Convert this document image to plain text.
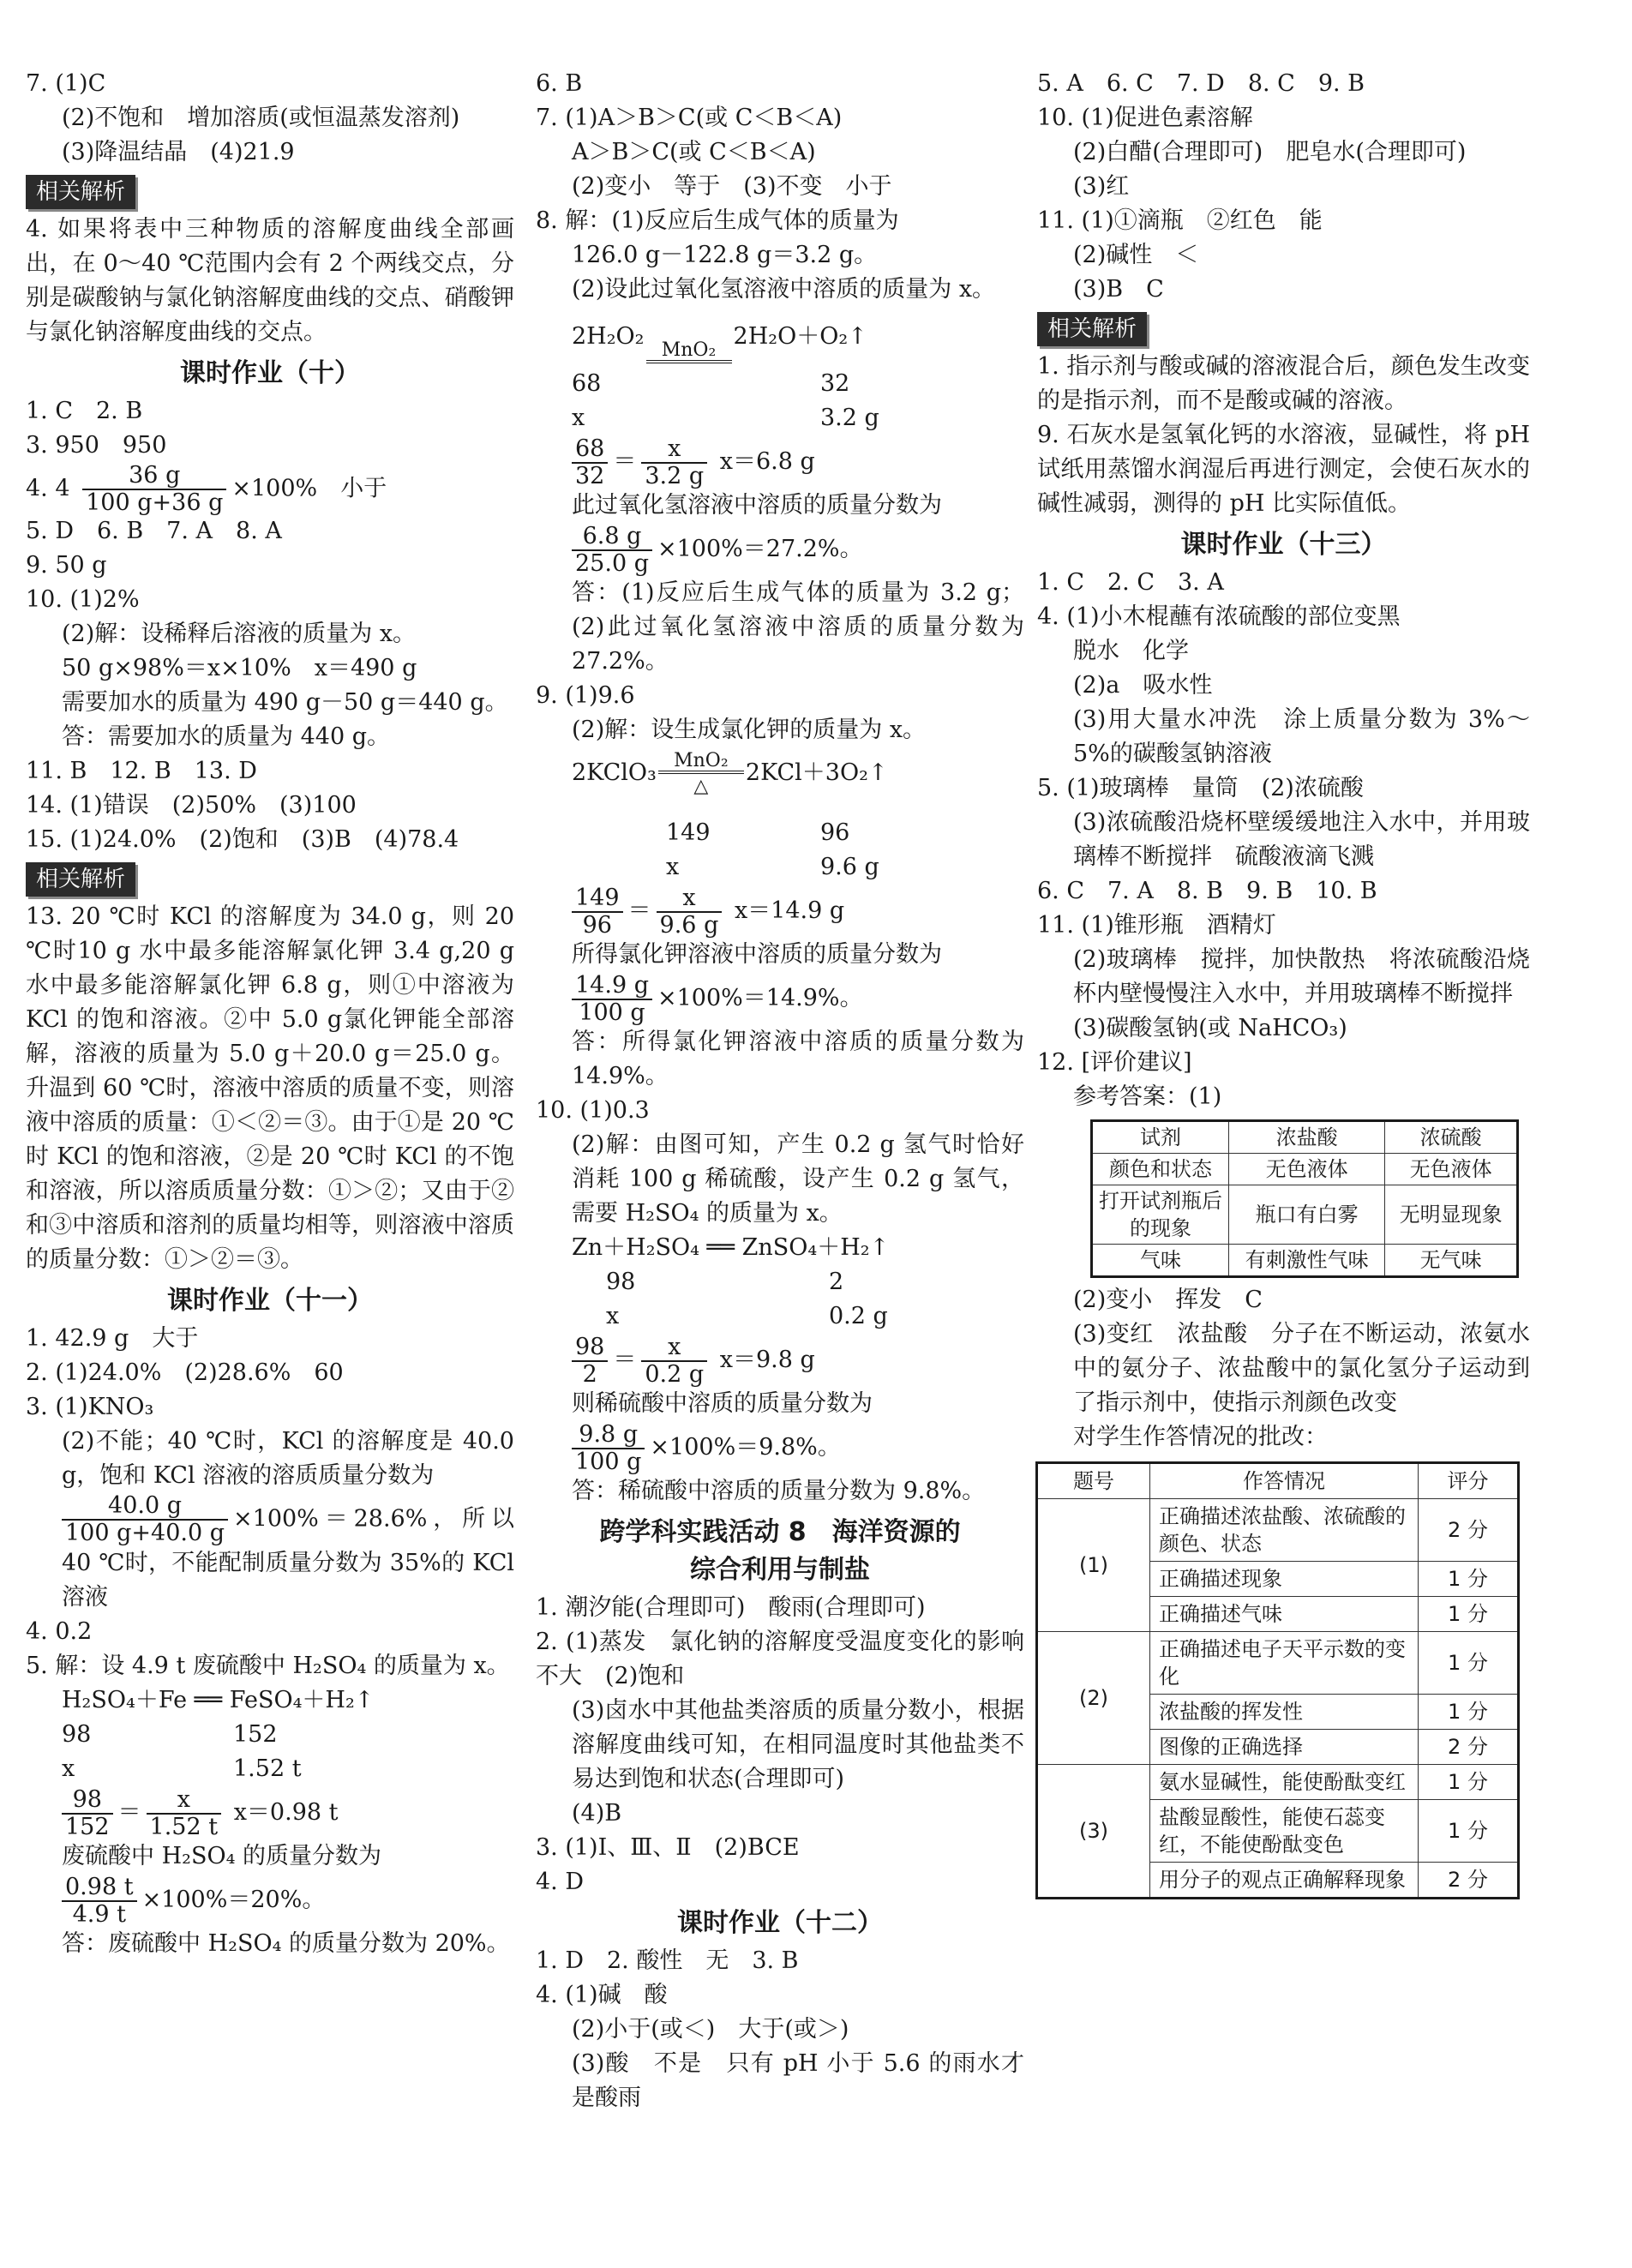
7. (1)C
(2)不饱和　增加溶质(或恒温蒸发溶剂)
(3)降温结晶　(4)21.9
相关解析
4. 如果将表中三种物质的溶解度曲线全部画出，在 0～40 ℃范围内会有 2 个两线交点，分别是碳酸钠与氯化钠溶解度曲线的交点、硝酸钾与氯化钠溶解度曲线的交点。
课时作业（十）
1. C　2. B
3. 950　950
4. $4 \frac{36 g}{100 g+36 g} \times 100\%$　小于
5. D　6. B　7. A　8. A
9. 50 g
10. (1)2%
(2)解：设稀释后溶液的质量为 x。
50 g×98%＝x×10%　x＝490 g
需要加水的质量为 490 g－50 g＝440 g。
答：需要加水的质量为 440 g。
11. B　12. B　13. D
14. (1)错误　(2)50%　(3)100
15. (1)24.0%　(2)饱和　(3)B　(4)78.4
相关解析
13. 20 ℃时 KCl 的溶解度为 34.0 g，则 20 ℃时10 g 水中最多能溶解氯化钾 3.4 g,20 g 水中最多能溶解氯化钾 6.8 g，则①中溶液为 KCl 的饱和溶液。②中 5.0 g氯化钾能全部溶解，溶液的质量为 5.0 g＋20.0 g＝25.0 g。升温到 60 ℃时，溶液中溶质的质量不变，则溶液中溶质的质量：①＜②＝③。由于①是 20 ℃时 KCl 的饱和溶液，②是 20 ℃时 KCl 的不饱和溶液，所以溶质质量分数：①＞②；又由于②和③中溶质和溶剂的质量均相等，则溶液中溶质的质量分数：①＞②＝③。
课时作业（十一）
1. 42.9 g　大于
2. (1)24.0%　(2)28.6%　60
3. (1)KNO₃
(2)不能；40 ℃时，KCl 的溶解度是 40.0 g，饱和 KCl 溶液的溶质质量分数为
$\frac{40.0 g}{100 g+40.0 g} \times 100\%=28.6\%$，所以 40 ℃时，不能配制质量分数为 35%的 KCl 溶液
4. 0.2
5. 解：设 4.9 t 废硫酸中 H₂SO₄ 的质量为 x。
H₂SO₄＋Fe ══ FeSO₄＋H₂↑
98	152
x	1.52 t
$\frac{98}{152} = \frac{x}{1.52 t} x=0.98$ t
废硫酸中 H₂SO₄ 的质量分数为
$\frac{0.98 t}{4.9 t} \times 100\%=20\%$。
答：废硫酸中 H₂SO₄ 的质量分数为 20%。
6. B
7. (1)A＞B＞C(或 C＜B＜A)
A＞B＞C(或 C＜B＜A)
(2)变小　等于　(3)不变　小于
8. 解：(1)反应后生成气体的质量为
126.0 g－122.8 g＝3.2 g。
(2)设此过氧化氢溶液中溶质的质量为 x。
2H₂O₂MnO₂
2H₂O＋O₂↑
68	32
x	3.2 g
$\frac{68}{32} = \frac{x}{3.2 g} x=6.8$ g
此过氧化氢溶液中溶质的质量分数为
$\frac{6.8 g}{25.0 g} \times 100\%=27.2\%$。
答：(1)反应后生成气体的质量为 3.2 g；(2)此过氧化氢溶液中溶质的质量分数为 27.2%。
9. (1)9.6
(2)解：设生成氯化钾的质量为 x。
2KClO₃ MnO₂
△ 2KCl＋3O₂↑
149	96
x	9.6 g
$\frac{149}{96} = \frac{x}{9.6 g} x=14.9$ g
所得氯化钾溶液中溶质的质量分数为
$\frac{14.9 g}{100 g} \times 100\%=14.9\%$。
答：所得氯化钾溶液中溶质的质量分数为 14.9%。
10. (1)0.3
(2)解：由图可知，产生 0.2 g 氢气时恰好消耗 100 g 稀硫酸，设产生 0.2 g 氢气，需要 H₂SO₄ 的质量为 x。
Zn＋H₂SO₄ ══ ZnSO₄＋H₂↑
98	2
x	0.2 g
$\frac{98}{2} = \frac{x}{0.2 g} x=9.8$ g
则稀硫酸中溶质的质量分数为
$\frac{9.8 g}{100 g} \times 100\%=9.8\%$。
答：稀硫酸中溶质的质量分数为 9.8%。
跨学科实践活动 8　海洋资源的
综合利用与制盐
1. 潮汐能(合理即可)　酸雨(合理即可)
2. (1)蒸发　氯化钠的溶解度受温度变化的影响不大　(2)饱和
(3)卤水中其他盐类溶质的质量分数小，根据溶解度曲线可知，在相同温度时其他盐类不易达到饱和状态(合理即可)
(4)B
3. (1)Ⅰ、Ⅲ、Ⅱ　(2)BCE
4. D
课时作业（十二）
1. D　2. 酸性　无　3. B
4. (1)碱　酸
(2)小于(或＜)　大于(或＞)
(3)酸　不是　只有 pH 小于 5.6 的雨水才是酸雨
5. A　6. C　7. D　8. C　9. B
10. (1)促进色素溶解
(2)白醋(合理即可)　肥皂水(合理即可)
(3)红
11. (1)①滴瓶　②红色　能
(2)碱性　＜
(3)B　C
相关解析
1. 指示剂与酸或碱的溶液混合后，颜色发生改变的是指示剂，而不是酸或碱的溶液。
9. 石灰水是氢氧化钙的水溶液，显碱性，将 pH 试纸用蒸馏水润湿后再进行测定，会使石灰水的碱性减弱，测得的 pH 比实际值低。
课时作业（十三）
1. C　2. C　3. A
4. (1)小木棍蘸有浓硫酸的部位变黑
脱水　化学
(2)a　吸水性
(3)用大量水冲洗　涂上质量分数为 3%～5%的碳酸氢钠溶液
5. (1)玻璃棒　量筒　(2)浓硫酸
(3)浓硫酸沿烧杯壁缓缓地注入水中，并用玻璃棒不断搅拌　硫酸液滴飞溅
6. C　7. A　8. B　9. B　10. B
11. (1)锥形瓶　酒精灯
(2)玻璃棒　搅拌，加快散热　将浓硫酸沿烧杯内壁慢慢注入水中，并用玻璃棒不断搅拌
(3)碳酸氢钠(或 NaHCO₃)
12. [评价建议]
参考答案：(1)
试剂	浓盐酸	浓硫酸
颜色和状态	无色液体	无色液体
打开试剂瓶后的现象	瓶口有白雾	无明显现象
气味	有刺激性气味	无气味
(2)变小　挥发　C
(3)变红　浓盐酸　分子在不断运动，浓氨水中的氨分子、浓盐酸中的氯化氢分子运动到了指示剂中，使指示剂颜色改变
对学生作答情况的批改：
题号	作答情况	评分
(1)	正确描述浓盐酸、浓硫酸的颜色、状态	2 分
	正确描述现象	1 分
	正确描述气味	1 分
(2)	正确描述电子天平示数的变化	1 分
	浓盐酸的挥发性	1 分
	图像的正确选择	2 分
(3)	氨水显碱性，能使酚酞变红	1 分
	盐酸显酸性，能使石蕊变红，不能使酚酞变色	1 分
	用分子的观点正确解释现象	2 分
